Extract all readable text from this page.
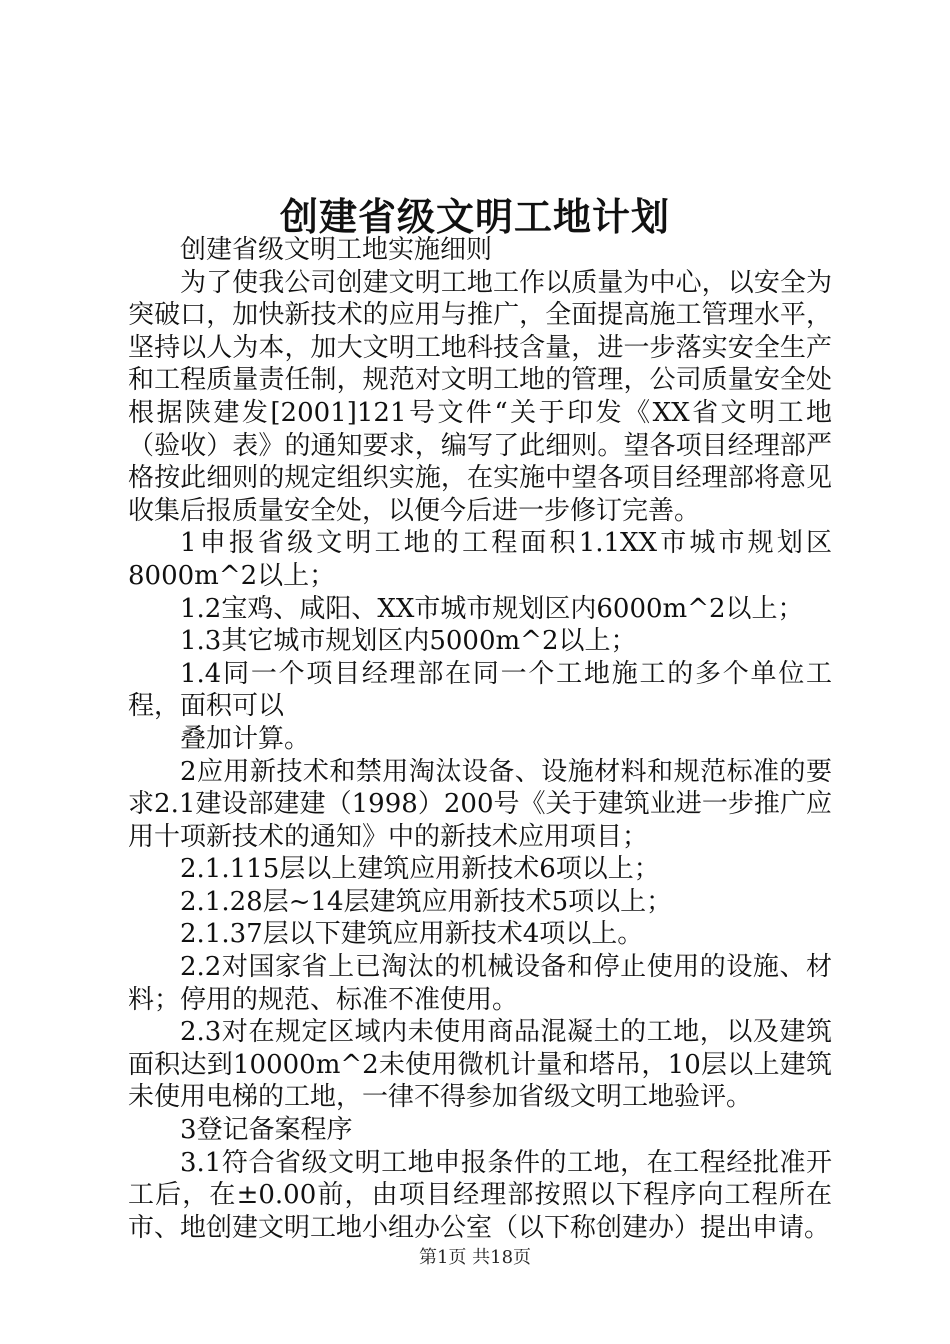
创建省级文明工地计划

创建省级文明工地实施细则

为了使我公司创建文明工地工作以质量为中心，以安全为突破口，加快新技术的应用与推广，全面提高施工管理水平，坚持以人为本，加大文明工地科技含量，进一步落实安全生产和工程质量责任制，规范对文明工地的管理，公司质量安全处根据陕建发[2001]121号文件“关于印发《XX省文明工地（验收）表》的通知要求，编写了此细则。望各项目经理部严格按此细则的规定组织实施，在实施中望各项目经理部将意见收集后报质量安全处，以便今后进一步修订完善。

1申报省级文明工地的工程面积1.1XX市城市规划区8000m^2以上；

1.2宝鸡、咸阳、XX市城市规划区内6000m^2以上；

1.3其它城市规划区内5000m^2以上；

1.4同一个项目经理部在同一个工地施工的多个单位工程，面积可以

叠加计算。

2应用新技术和禁用淘汰设备、设施材料和规范标准的要求2.1建设部建建（1998）200号《关于建筑业进一步推广应用十项新技术的通知》中的新技术应用项目；

2.1.115层以上建筑应用新技术6项以上；

2.1.28层~14层建筑应用新技术5项以上；

2.1.37层以下建筑应用新技术4项以上。

2.2对国家省上已淘汰的机械设备和停止使用的设施、材料；停用的规范、标准不准使用。

2.3对在规定区域内未使用商品混凝土的工地，以及建筑面积达到10000m^2未使用微机计量和塔吊，10层以上建筑未使用电梯的工地，一律不得参加省级文明工地验评。

3登记备案程序

3.1符合省级文明工地申报条件的工地，在工程经批准开工后，在±0.00前，由项目经理部按照以下程序向工程所在市、地创建文明工地小组办公室（以下称创建办）提出申请。

第1页 共18页
